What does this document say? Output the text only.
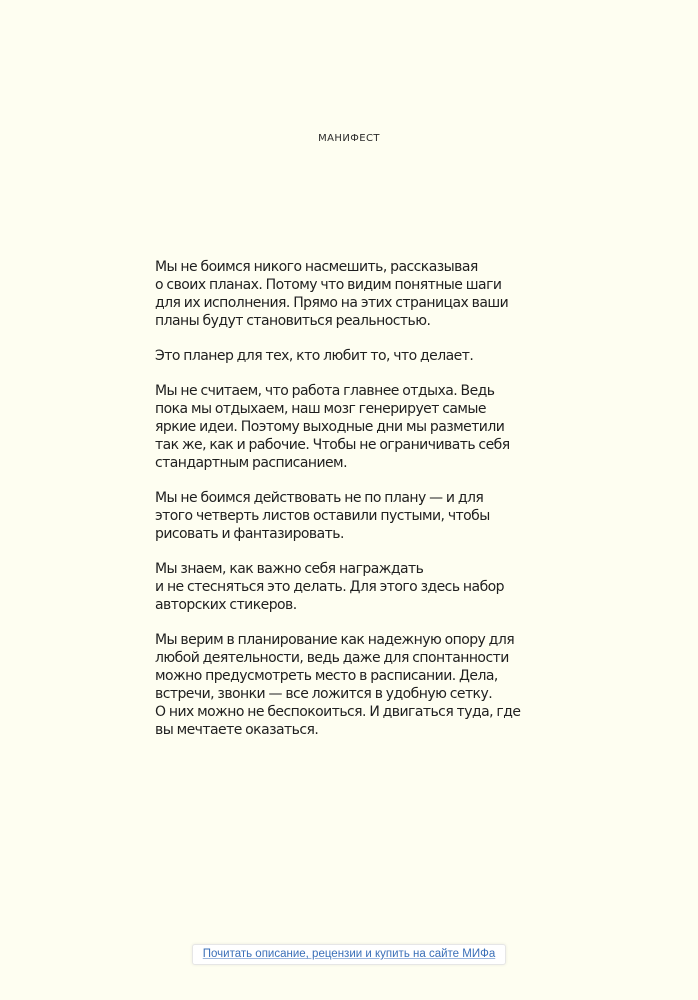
МАНИФЕСТ

Мы не боимся никого насмешить, рассказывая
о своих планах. Потому что видим понятные шаги
для их исполнения. Прямо на этих страницах ваши
планы будут становиться реальностью.

Это планер для тех, кто любит то, что делает.

Мы не считаем, что работа главнее отдыха. Ведь
пока мы отдыхаем, наш мозг генерирует самые
яркие идеи. Поэтому выходные дни мы разметили
так же, как и рабочие. Чтобы не ограничивать себя
стандартным расписанием.

Мы не боимся действовать не по плану — и для
этого четверть листов оставили пустыми, чтобы
рисовать и фантазировать.

Мы знаем, как важно себя награждать
и не стесняться это делать. Для этого здесь набор
авторских стикеров.

Мы верим в планирование как надежную опору для
любой деятельности, ведь даже для спонтанности
можно предусмотреть место в расписании. Дела,
встречи, звонки — все ложится в удобную сетку.
О них можно не беспокоиться. И двигаться туда, где
вы мечтаете оказаться.

Почитать описание, рецензии и купить на сайте МИФа
